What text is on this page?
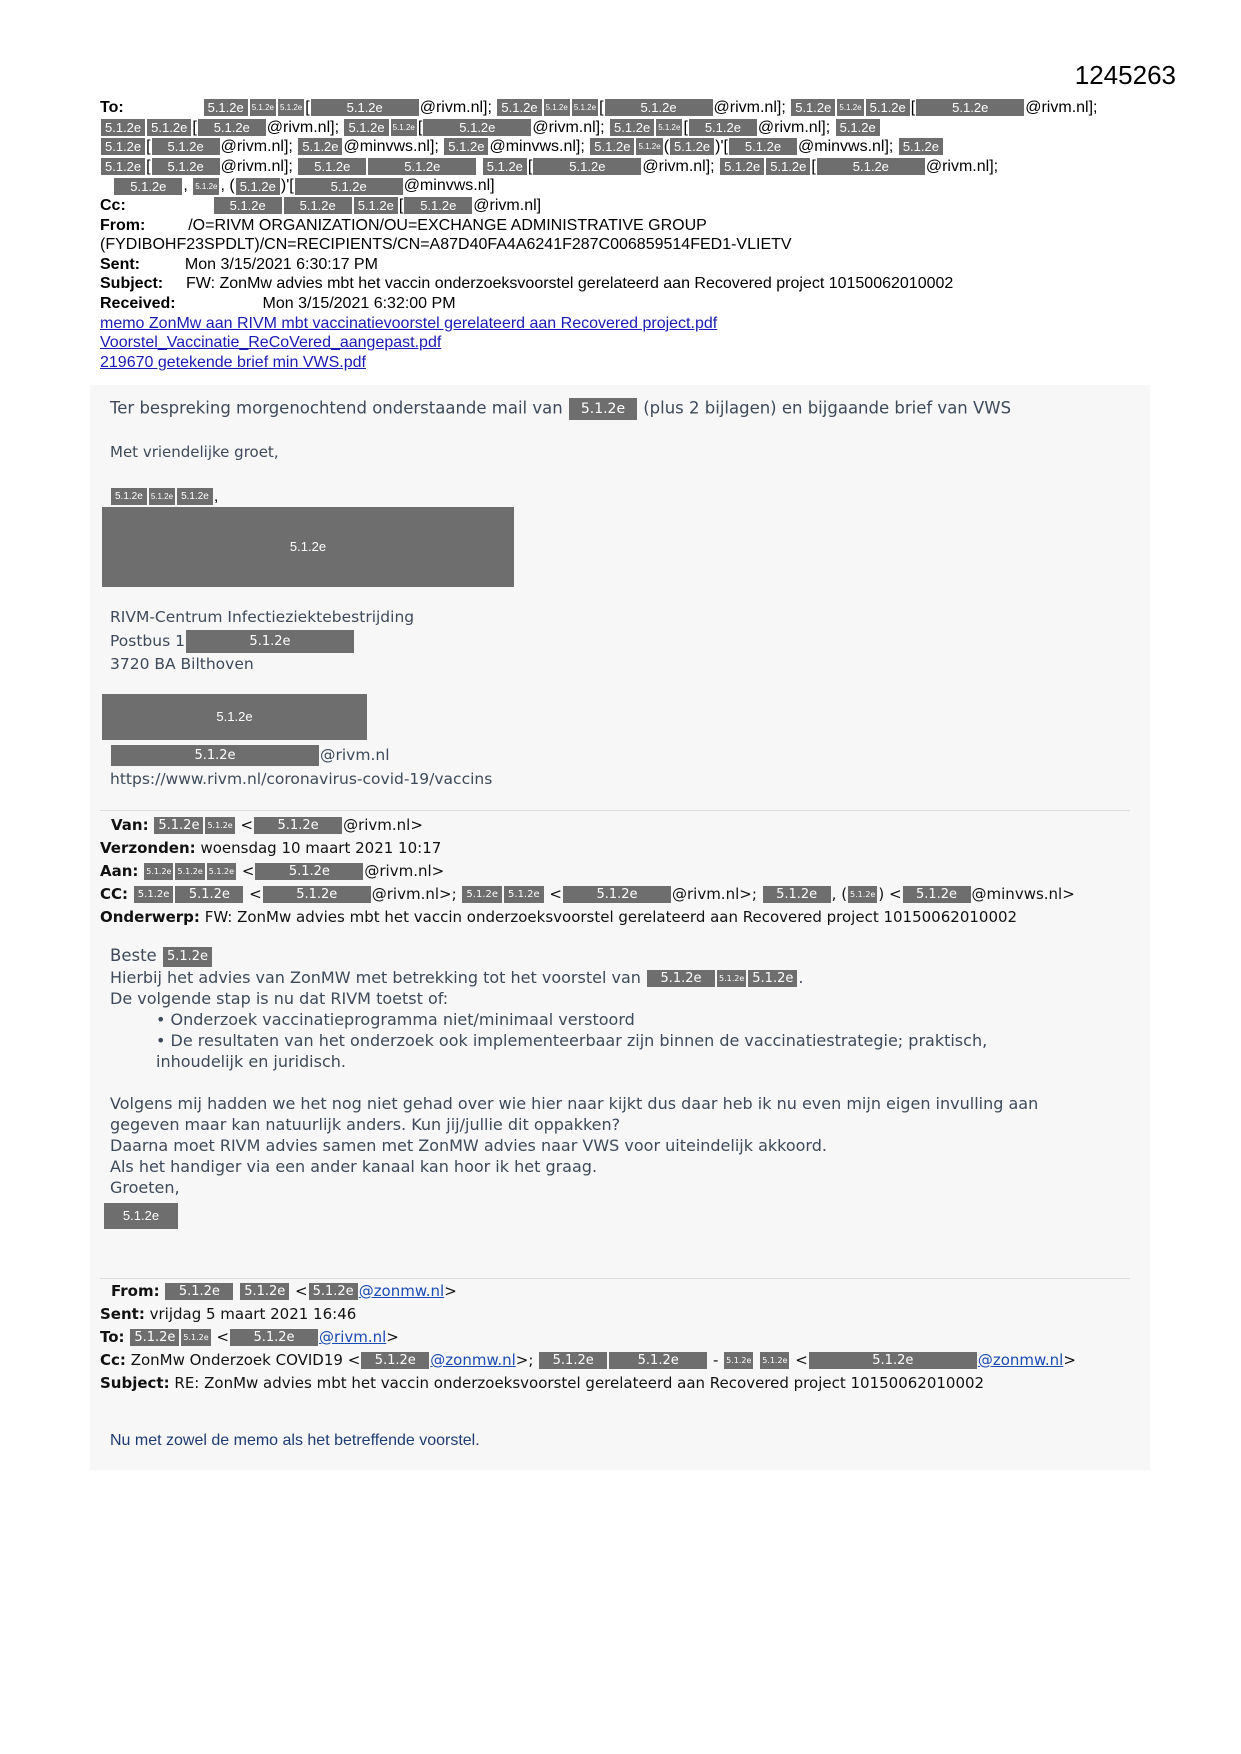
1245263
To:	5.1.2e 5.1.2e 5.1.2e [	5.1.2e @rivm.nl]; 5.1.2e 5.1.2e 5.1.2e [	5.1.2e @rivm.nl]; 5.1.2e 5.1.2e 5.1.2e [	5.1.2e @rivm.nl];
5.1.2e 5.1.2e [ 5.1.2e @rivm.nl]; 5.1.2e 5.1.2e [	5.1.2e @rivm.nl]; 5.1.2e 5.1.2e [ 5.1.2e @rivm.nl]; 5.1.2e
5.1.2e [ 5.1.2e @rivm.nl]; 5.1.2e @minvws.nl]; 5.1.2e @minvws.nl]; 5.1.2e 5.1.2e ( 5.1.2e )'[ 5.1.2e @minvws.nl]; 5.1.2e
5.1.2e [ 5.1.2e @rivm.nl]; 5.1.2e	5.1.2e	5.1.2e [	5.1.2e @rivm.nl]; 5.1.2e 5.1.2e [	5.1.2e @rivm.nl];
5.1.2e , 5.1.2e , ( 5.1.2e )'[	5.1.2e @minvws.nl]
Cc:	5.1.2e	5.1.2e 5.1.2e [ 5.1.2e @rivm.nl]
From:	/O=RIVM ORGANIZATION/OU=EXCHANGE ADMINISTRATIVE GROUP
(FYDIBOHF23SPDLT)/CN=RECIPIENTS/CN=A87D40FA4A6241F287C006859514FED1-VLIETV
Sent:	Mon 3/15/2021 6:30:17 PM
Subject: FW: ZonMw advies mbt het vaccin onderzoeksvoorstel gerelateerd aan Recovered project 10150062010002
Received:	Mon 3/15/2021 6:32:00 PM
memo ZonMw aan RIVM mbt vaccinatievoorstel gerelateerd aan Recovered project.pdf
Voorstel_Vaccinatie_ReCoVered_aangepast.pdf
219670 getekende brief min VWS.pdf
Ter bespreking morgenochtend onderstaande mail van 5.1.2e (plus 2 bijlagen) en bijgaande brief van VWS
Met vriendelijke groet,
5.1.2e 5.1.2e 5.1.2e ,
5.1.2e
RIVM-Centrum Infectieziektebestrijding
Postbus 1	5.1.2e
3720 BA Bilthoven
5.1.2e
5.1.2e	@rivm.nl
https://www.rivm.nl/coronavirus-covid-19/vaccins
Van: 5.1.2e 5.1.2e < 5.1.2e @rivm.nl>
Verzonden: woensdag 10 maart 2021 10:17
Aan: 5.1.2e 5.1.2e 5.1.2e <	5.1.2e @rivm.nl>
CC: 5.1.2e 5.1.2e <	5.1.2e @rivm.nl>; 5.1.2e 5.1.2e <	5.1.2e @rivm.nl>; 5.1.2e , ( 5.1.2e ) < 5.1.2e @minvws.nl>
Onderwerp: FW: ZonMw advies mbt het vaccin onderzoeksvoorstel gerelateerd aan Recovered project 10150062010002
Beste 5.1.2e
Hierbij het advies van ZonMW met betrekking tot het voorstel van 5.1.2e 5.1.2e 5.1.2e .
De volgende stap is nu dat RIVM toetst of:
• Onderzoek vaccinatieprogramma niet/minimaal verstoord
• De resultaten van het onderzoek ook implementeerbaar zijn binnen de vaccinatiestrategie; praktisch,
inhoudelijk en juridisch.
Volgens mij hadden we het nog niet gehad over wie hier naar kijkt dus daar heb ik nu even mijn eigen invulling aan
gegeven maar kan natuurlijk anders. Kun jij/jullie dit oppakken?
Daarna moet RIVM advies samen met ZonMW advies naar VWS voor uiteindelijk akkoord.
Als het handiger via een ander kanaal kan hoor ik het graag.
Groeten,
5.1.2e
From: 5.1.2e 5.1.2e < 5.1.2e @zonmw.nl>
Sent: vrijdag 5 maart 2021 16:46
To: 5.1.2e 5.1.2e < 5.1.2e @rivm.nl>
Cc: ZonMw Onderzoek COVID19 < 5.1.2e @zonmw.nl>; 5.1.2e	5.1.2e - 5.1.2e 5.1.2e <	5.1.2e	@zonmw.nl>
Subject: RE: ZonMw advies mbt het vaccin onderzoeksvoorstel gerelateerd aan Recovered project 10150062010002
Nu met zowel de memo als het betreffende voorstel.
